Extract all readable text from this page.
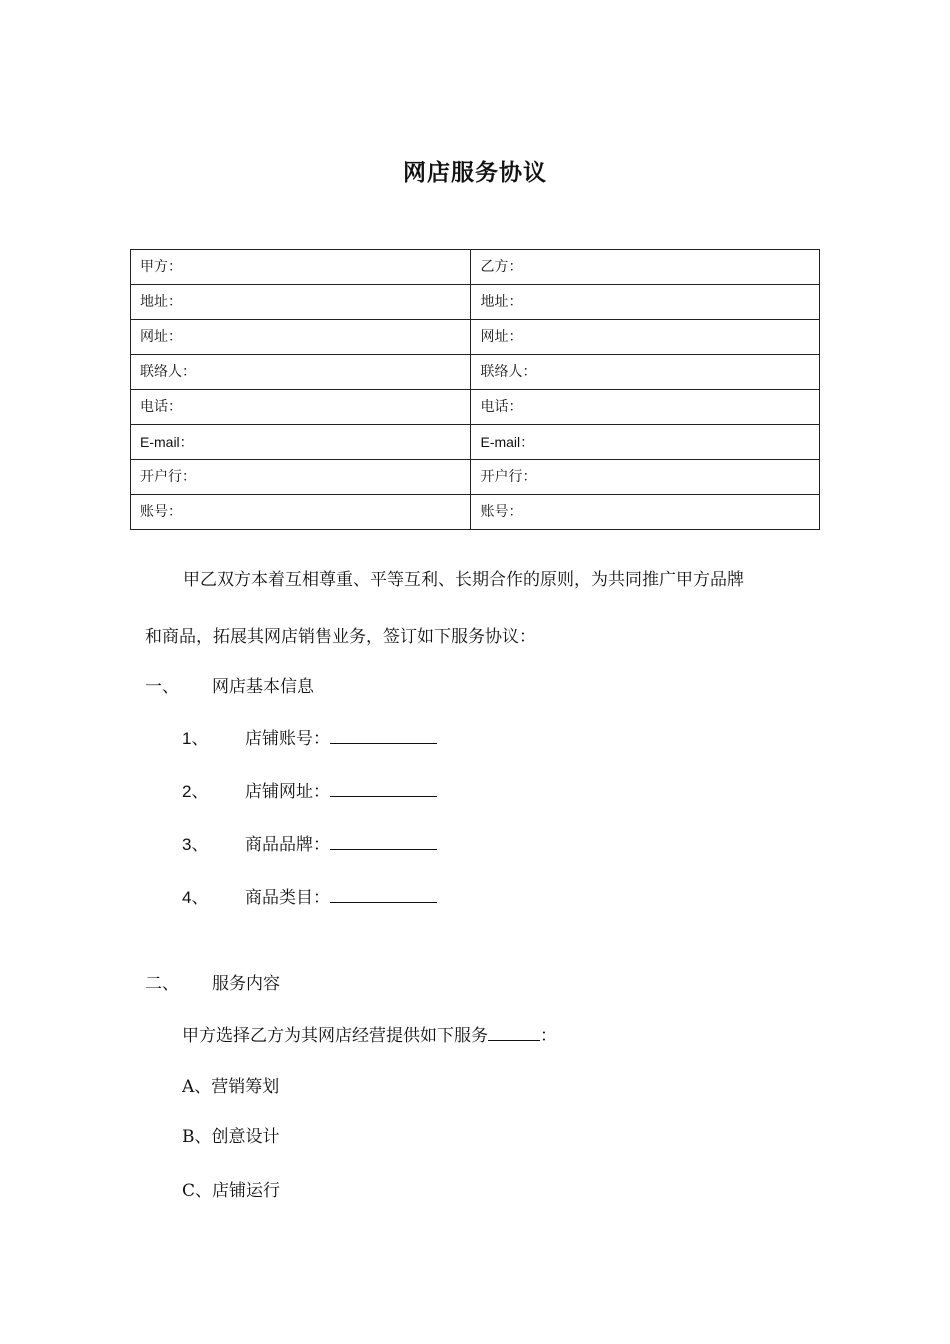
网店服务协议
甲方：	乙方：
地址：	地址：
网址：	网址：
联络人：	联络人：
电话：	电话：
E-mail：	E-mail：
开户行：	开户行：
账号：	账号：
甲乙双方本着互相尊重、平等互利、长期合作的原则，为共同推广甲方品牌
和商品，拓展其网店销售业务，签订如下服务协议：
一、 网店基本信息
1、 店铺账号：
2、 店铺网址：
3、 商品品牌：
4、 商品类目：
二、 服务内容
甲方选择乙方为其网店经营提供如下服务	：
A、营销筹划
B、创意设计
C、店铺运行
